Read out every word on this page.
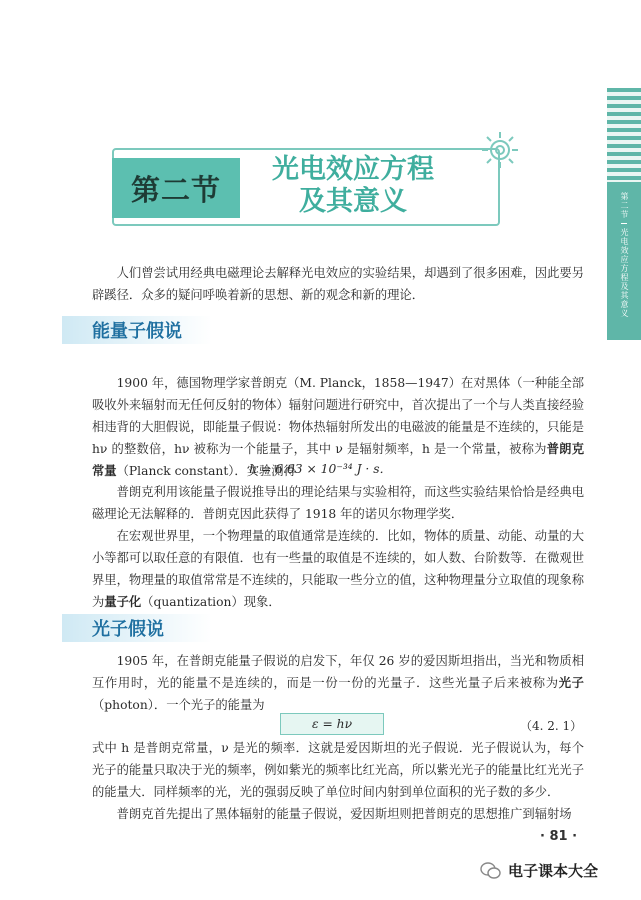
第二节
光电效应方程及其意义
第二节
光电效应方程
及其意义

人们曾尝试用经典电磁理论去解释光电效应的实验结果，却遇到了很多困难，因此要另辟蹊径．众多的疑问呼唤着新的思想、新的观念和新的理论．

能量子假说

1900 年，德国物理学家普朗克（M. Planck，1858—1947）在对黑体（一种能全部吸收外来辐射而无任何反射的物体）辐射问题进行研究中，首次提出了一个与人类直接经验相违背的大胆假说，即能量子假说：物体热辐射所发出的电磁波的能量是不连续的，只能是 hν 的整数倍，hν 被称为一个能量子，其中 ν 是辐射频率，h 是一个常量，被称为普朗克常量（Planck constant）．实验测得

h = 6.63 × 10⁻³⁴ J · s．

普朗克利用该能量子假说推导出的理论结果与实验相符，而这些实验结果恰恰是经典电磁理论无法解释的．普朗克因此获得了 1918 年的诺贝尔物理学奖．

在宏观世界里，一个物理量的取值通常是连续的．比如，物体的质量、动能、动量的大小等都可以取任意的有限值．也有一些量的取值是不连续的，如人数、台阶数等．在微观世界里，物理量的取值常常是不连续的，只能取一些分立的值，这种物理量分立取值的现象称为量子化（quantization）现象．

光子假说

1905 年，在普朗克能量子假说的启发下，年仅 26 岁的爱因斯坦指出，当光和物质相互作用时，光的能量不是连续的，而是一份一份的光量子．这些光量子后来被称为光子（photon）．一个光子的能量为

ε = hν	（4. 2. 1）

式中 h 是普朗克常量，ν 是光的频率．这就是爱因斯坦的光子假说．光子假说认为，每个光子的能量只取决于光的频率，例如紫光的频率比红光高，所以紫光光子的能量比红光光子的能量大．同样频率的光，光的强弱反映了单位时间内射到单位面积的光子数的多少．

普朗克首先提出了黑体辐射的能量子假说，爱因斯坦则把普朗克的思想推广到辐射场

· 81 ·
电子课本大全
